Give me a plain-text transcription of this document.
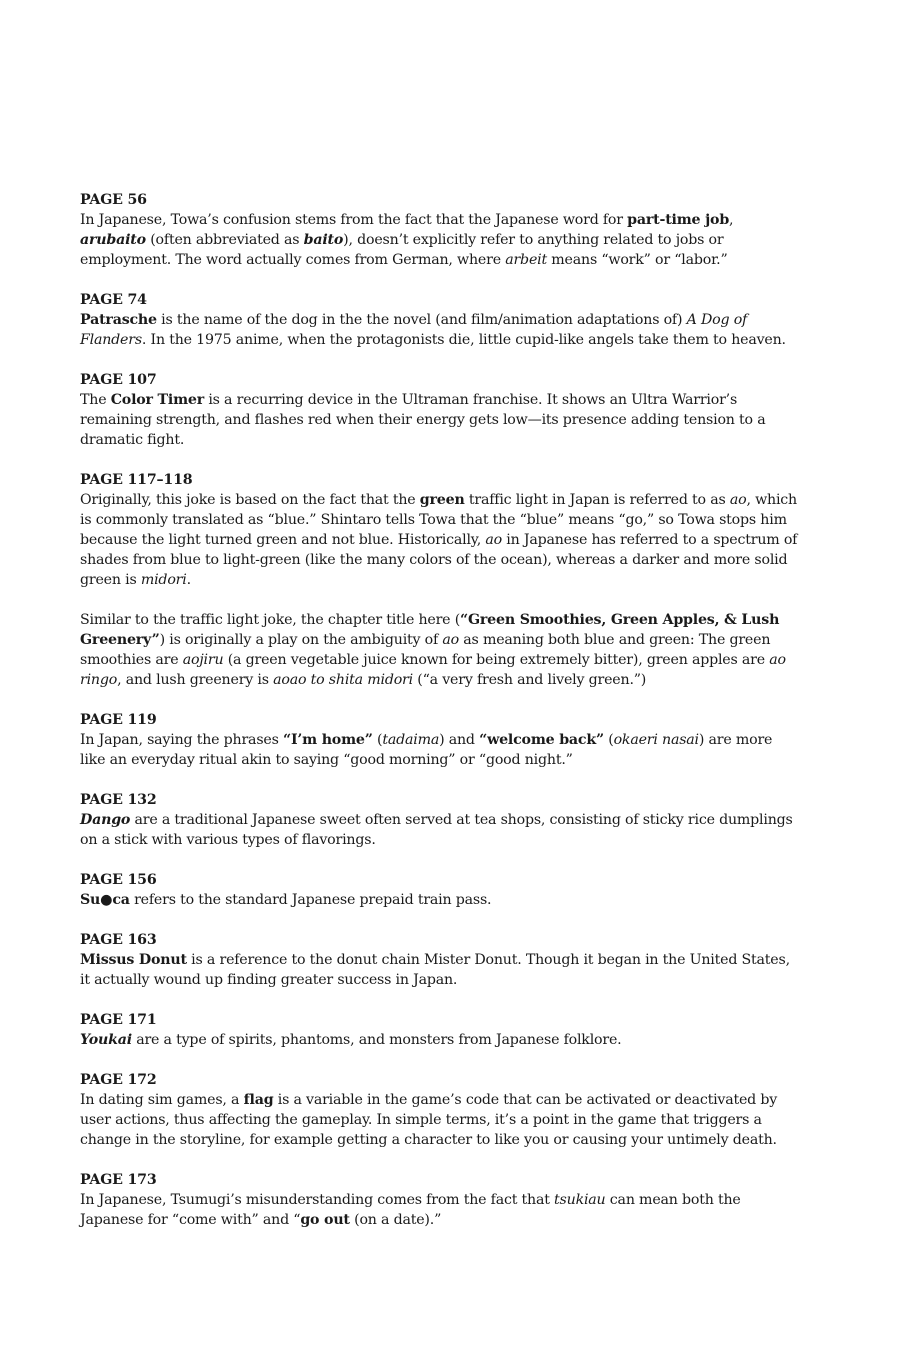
PAGE 56

In Japanese, Towa’s confusion stems from the fact that the Japanese word for part-time job, arubaito (often abbreviated as baito), doesn’t explicitly refer to anything related to jobs or employment. The word actually comes from German, where arbeit means “work” or “labor.”

PAGE 74

Patrasche is the name of the dog in the the novel (and film/animation adaptations of) A Dog of Flanders. In the 1975 anime, when the protagonists die, little cupid-like angels take them to heaven.

PAGE 107

The Color Timer is a recurring device in the Ultraman franchise. It shows an Ultra Warrior’s remaining strength, and flashes red when their energy gets low—its presence adding tension to a dramatic fight.

PAGE 117–118

Originally, this joke is based on the fact that the green traffic light in Japan is referred to as ao, which is commonly translated as “blue.” Shintaro tells Towa that the “blue” means “go,” so Towa stops him because the light turned green and not blue. Historically, ao in Japanese has referred to a spectrum of shades from blue to light-green (like the many colors of the ocean), whereas a darker and more solid green is midori.

Similar to the traffic light joke, the chapter title here (“Green Smoothies, Green Apples, & Lush Greenery”) is originally a play on the ambiguity of ao as meaning both blue and green: The green smoothies are aojiru (a green vegetable juice known for being extremely bitter), green apples are ao ringo, and lush greenery is aoao to shita midori (“a very fresh and lively green.”)

PAGE 119

In Japan, saying the phrases “I’m home” (tadaima) and “welcome back” (okaeri nasai) are more like an everyday ritual akin to saying “good morning” or “good night.”

PAGE 132

Dango are a traditional Japanese sweet often served at tea shops, consisting of sticky rice dumplings on a stick with various types of flavorings.

PAGE 156

Su●ca refers to the standard Japanese prepaid train pass.

PAGE 163

Missus Donut is a reference to the donut chain Mister Donut. Though it began in the United States, it actually wound up finding greater success in Japan.

PAGE 171

Youkai are a type of spirits, phantoms, and monsters from Japanese folklore.

PAGE 172

In dating sim games, a flag is a variable in the game’s code that can be activated or deactivated by user actions, thus affecting the gameplay. In simple terms, it’s a point in the game that triggers a change in the storyline, for example getting a character to like you or causing your untimely death.

PAGE 173

In Japanese, Tsumugi’s misunderstanding comes from the fact that tsukiau can mean both the Japanese for “come with” and “go out (on a date).”
